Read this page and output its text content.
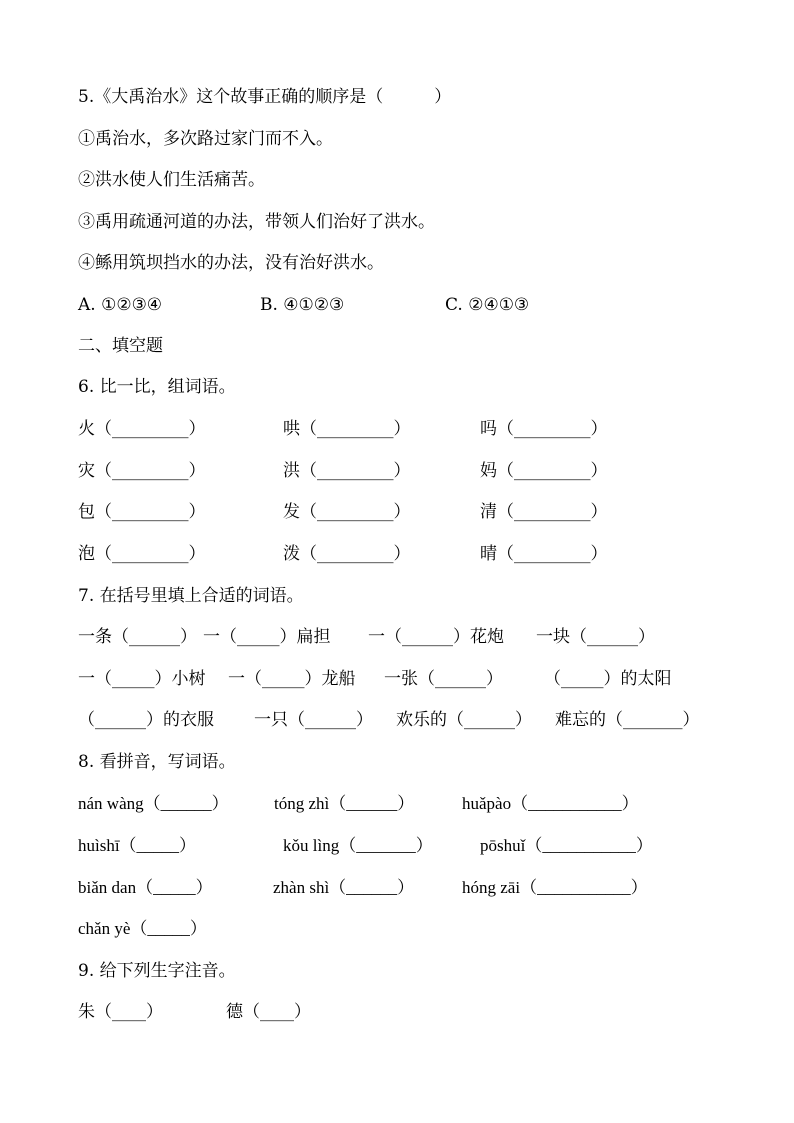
5.《大禹治水》这个故事正确的顺序是（　　　）
①禹治水，多次路过家门而不入。
②洪水使人们生活痛苦。
③禹用疏通河道的办法，带领人们治好了洪水。
④鲧用筑坝挡水的办法，没有治好洪水。
A. ①②③④	B. ④①②③	C. ②④①③
二、填空题
6. 比一比，组词语。
火（_________）	哄（_________）	吗（_________）
灾（_________）	洪（_________）	妈（_________）
包（_________）	发（_________）	清（_________）
泡（_________）	泼（_________）	晴（_________）
7. 在括号里填上合适的词语。
一条（______） 一（_____）扁担 一（______）花炮 一块（______）
一（_____）小树 一（_____）龙船 一张（______） （_____）的太阳
（______）的衣服 一只（______） 欢乐的（______） 难忘的（_______）
8. 看拼音，写词语。
nán wàng（______）	tóng zhì（______）	huǎpào（___________）
huìshī（_____）	kǒu lìng（_______）	pōshuǐ（___________）
biǎn dan（_____）	zhàn shì（______）	hóng zāi（___________）
chǎn yè（_____）
9. 给下列生字注音。
朱（____）	德（____）
